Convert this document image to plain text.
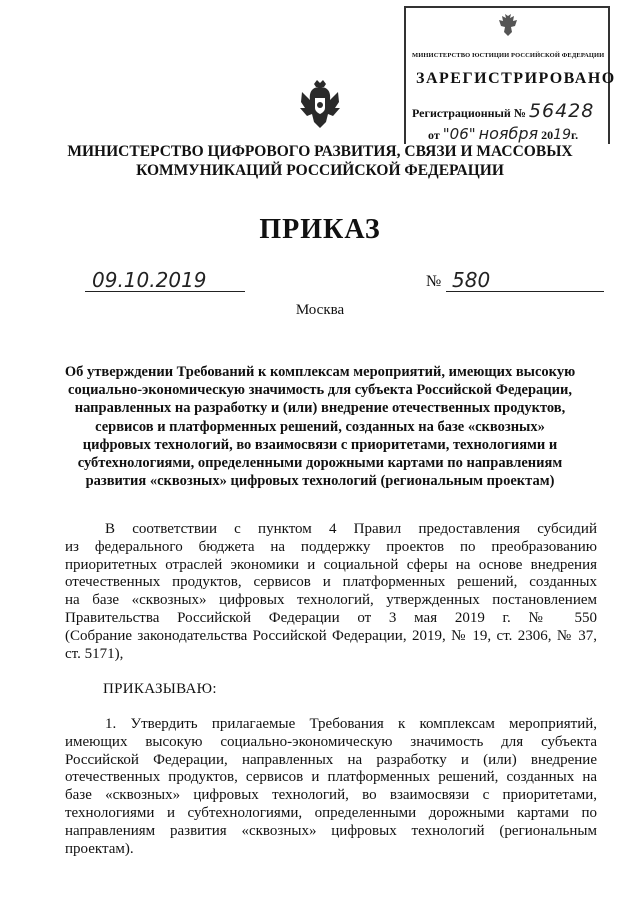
МИНИСТЕРСТВО ЮСТИЦИИ РОССИЙСКОЙ ФЕДЕРАЦИИ
ЗАРЕГИСТРИРОВАНО
Регистрационный № 56428
от "06" ноября 2019г.
МИНИСТЕРСТВО ЦИФРОВОГО РАЗВИТИЯ, СВЯЗИ И МАССОВЫХ
КОММУНИКАЦИЙ РОССИЙСКОЙ ФЕДЕРАЦИИ
ПРИКАЗ
09.10.2019	№ 580
Москва
Об утверждении Требований к комплексам мероприятий, имеющих высокую
социально-экономическую значимость для субъекта Российской Федерации,
направленных на разработку и (или) внедрение отечественных продуктов,
сервисов и платформенных решений, созданных на базе «сквозных»
цифровых технологий, во взаимосвязи с приоритетами, технологиями и
субтехнологиями, определенными дорожными картами по направлениям
развития «сквозных» цифровых технологий (региональным проектам)
В соответствии с пунктом 4 Правил предоставления субсидий
из федерального бюджета на поддержку проектов по преобразованию
приоритетных отраслей экономики и социальной сферы на основе внедрения
отечественных продуктов, сервисов и платформенных решений, созданных
на базе «сквозных» цифровых технологий, утвержденных постановлением
Правительства Российской Федерации от 3 мая 2019 г. № 550
(Собрание законодательства Российской Федерации, 2019, № 19, ст. 2306, № 37,
ст. 5171),
ПРИКАЗЫВАЮ:
1. Утвердить прилагаемые Требования к комплексам мероприятий,
имеющих высокую социально-экономическую значимость для субъекта
Российской Федерации, направленных на разработку и (или) внедрение
отечественных продуктов, сервисов и платформенных решений, созданных на
базе «сквозных» цифровых технологий, во взаимосвязи с приоритетами,
технологиями и субтехнологиями, определенными дорожными картами по
направлениям развития «сквозных» цифровых технологий (региональным
проектам).
